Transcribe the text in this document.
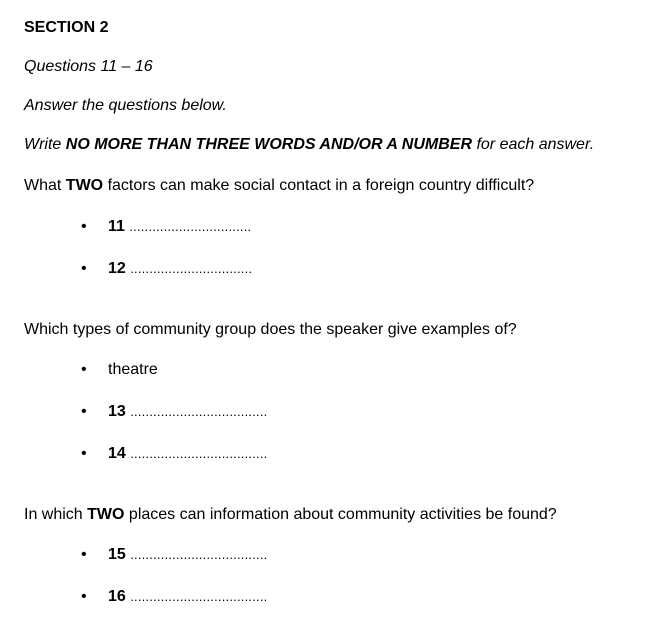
SECTION 2
Questions 11 – 16
Answer the questions below.
Write NO MORE THAN THREE WORDS AND/OR A NUMBER for each answer.
What TWO factors can make social contact in a foreign country difficult?
• 11 ................................
• 12 ................................
Which types of community group does the speaker give examples of?
• theatre
• 13 ....................................
• 14 ....................................
In which TWO places can information about community activities be found?
• 15 ....................................
• 16 ....................................
